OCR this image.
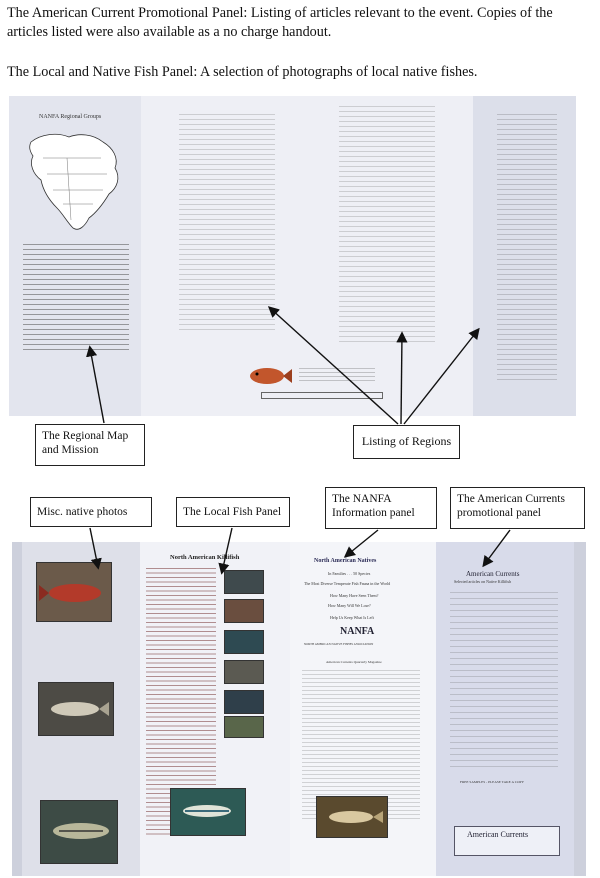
The American Current Promotional Panel: Listing of articles relevant to the event. Copies of the articles listed were also available as a no charge handout.
The Local and Native Fish Panel: A selection of photographs of local native fishes.
NANFA Regional Groups
The Regional Map and Mission
Listing of Regions
Misc. native photos	The Local Fish Panel
The NANFA Information panel
The American Currents promotional panel
North American Killifish	North American Natives
In Families . . . 50 Species
The Most Diverse Temperate Fish Fauna in the World
How Many Have Seen Them?
How Many Will We Lose?
Help Us Keep What Is Left
NANFA
NORTH AMERICAN NATIVE FISHES ASSOCIATION
American Currents Quarterly Magazine
American Currents
Selected articles on Native Killifish
FREE SAMPLES - PLEASE TAKE A COPY
American Currents
